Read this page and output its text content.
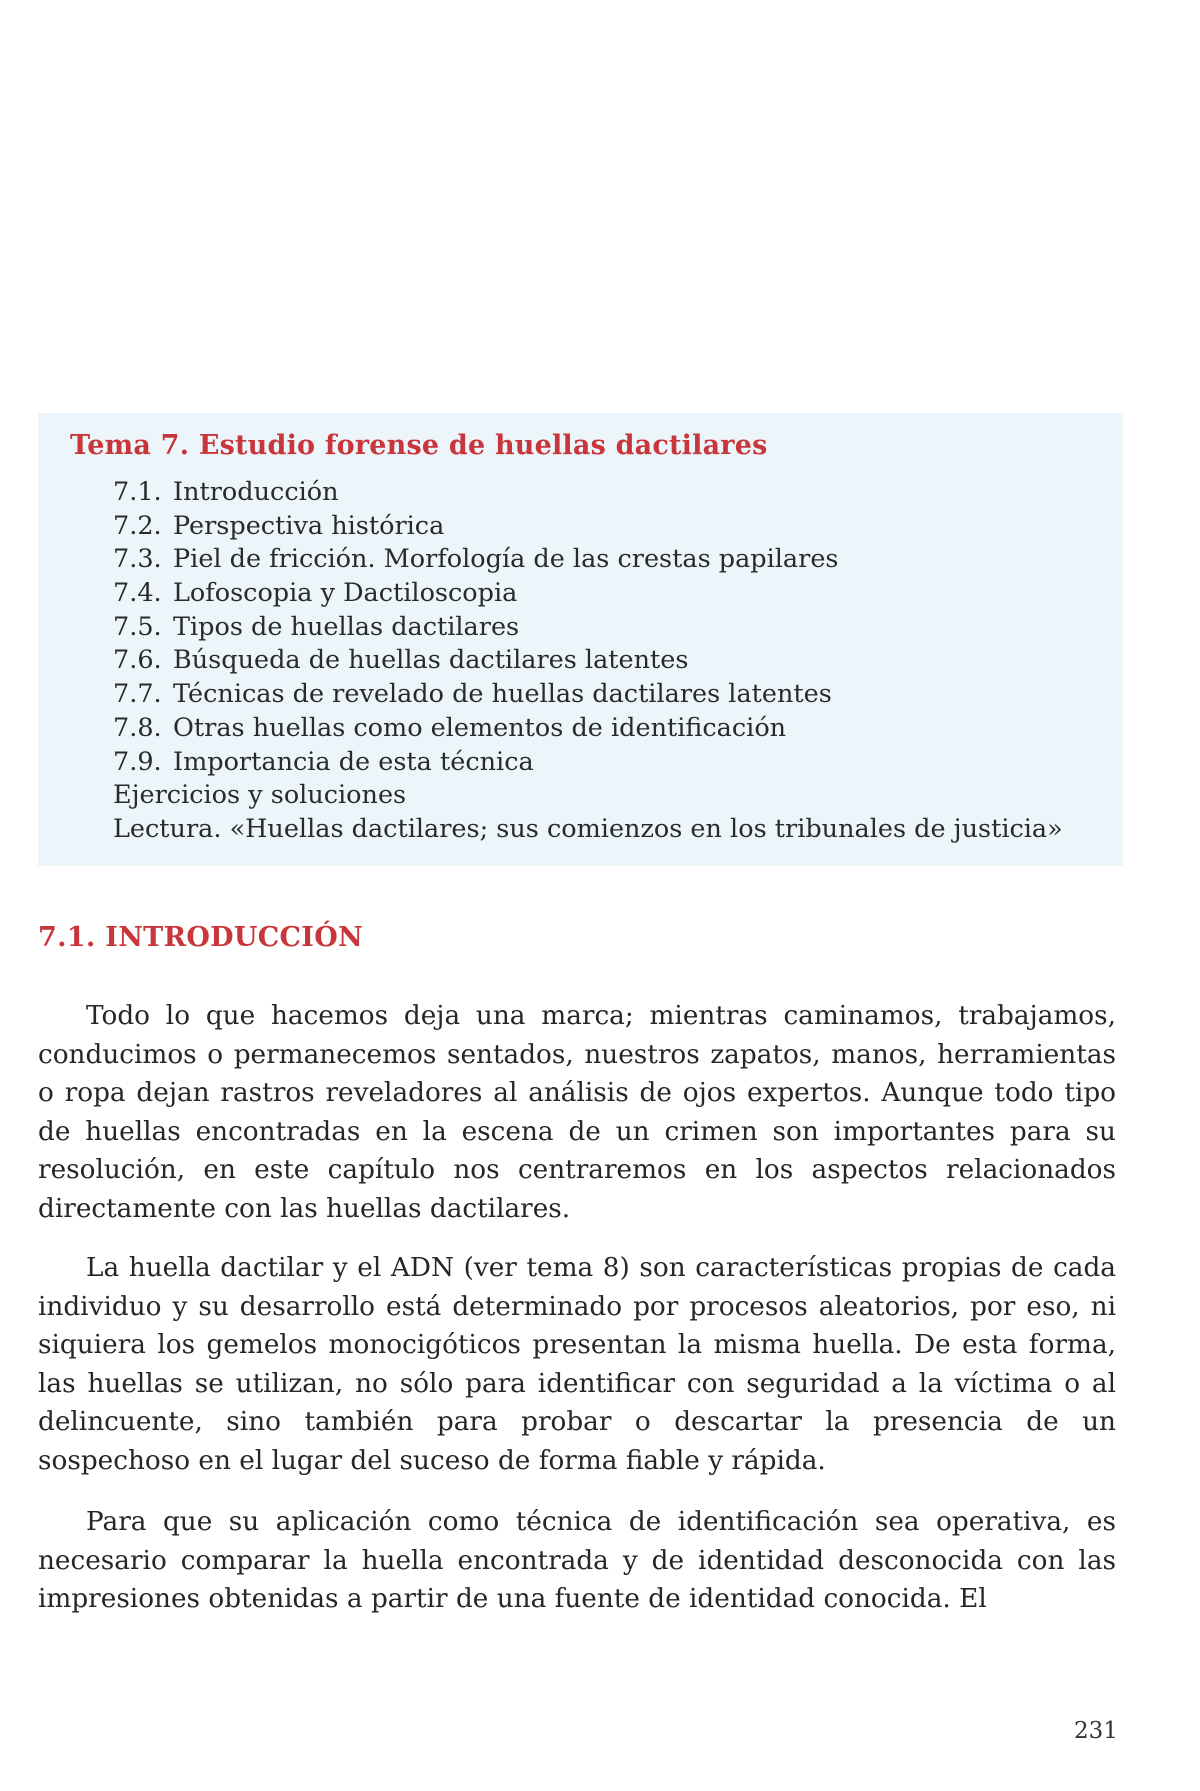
Tema 7. Estudio forense de huellas dactilares
7.1. Introducción
7.2. Perspectiva histórica
7.3. Piel de fricción. Morfología de las crestas papilares
7.4. Lofoscopia y Dactiloscopia
7.5. Tipos de huellas dactilares
7.6. Búsqueda de huellas dactilares latentes
7.7. Técnicas de revelado de huellas dactilares latentes
7.8. Otras huellas como elementos de identificación
7.9. Importancia de esta técnica
Ejercicios y soluciones
Lectura. «Huellas dactilares; sus comienzos en los tribunales de justicia»
7.1. INTRODUCCIÓN

Todo lo que hacemos deja una marca; mientras caminamos, trabajamos, conducimos o permanecemos sentados, nuestros zapatos, manos, herramientas o ropa dejan rastros reveladores al análisis de ojos expertos. Aunque todo tipo de huellas encontradas en la escena de un crimen son importantes para su resolución, en este capítulo nos centraremos en los aspectos relacionados directamente con las huellas dactilares.

La huella dactilar y el ADN (ver tema 8) son características propias de cada individuo y su desarrollo está determinado por procesos aleatorios, por eso, ni siquiera los gemelos monocigóticos presentan la misma huella. De esta forma, las huellas se utilizan, no sólo para identificar con seguridad a la víctima o al delincuente, sino también para probar o descartar la presencia de un sospechoso en el lugar del suceso de forma fiable y rápida.

Para que su aplicación como técnica de identificación sea operativa, es necesario comparar la huella encontrada y de identidad desconocida con las impresiones obtenidas a partir de una fuente de identidad conocida. El

231
